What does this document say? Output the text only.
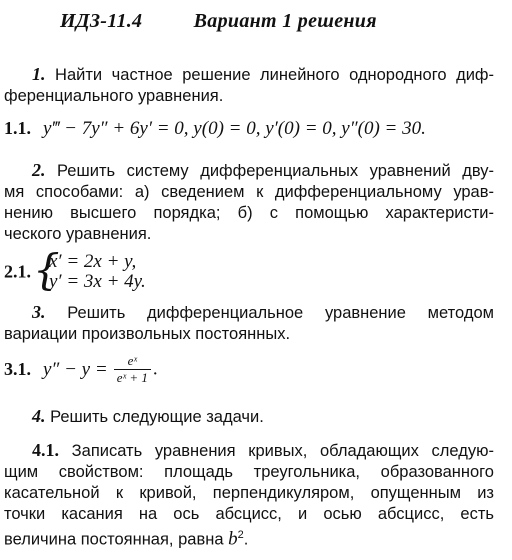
ИДЗ-11.4	Вариант 1 решения
1. Найти частное решение линейного однородного диф-
ференциального уравнения.
1.1. y‴ − 7y″ + 6y′ = 0, y(0) = 0, y′(0) = 0, y″(0) = 30.
2. Решить систему дифференциальных уравнений дву-
мя способами: а) сведением к дифференциальному урав-
нению высшего порядка; б) с помощью характеристи-
ческого уравнения.
2.1. {
x′ = 2x + y,
y′ = 3x + 4y.
3. Решить дифференциальное уравнение методом
вариации произвольных постоянных.
3.1. $y'' - y = \frac{\text{eˣ}}{\text{eˣ + 1}}$ .
4. Решить следующие задачи.
4.1. Записать уравнения кривых, обладающих следую-
щим свойством: площадь треугольника, образованного
касательной к кривой, перпендикуляром, опущенным из
точки касания на ось абсцисс, и осью абсцисс, есть
величина постоянная, равна $b^2$.
